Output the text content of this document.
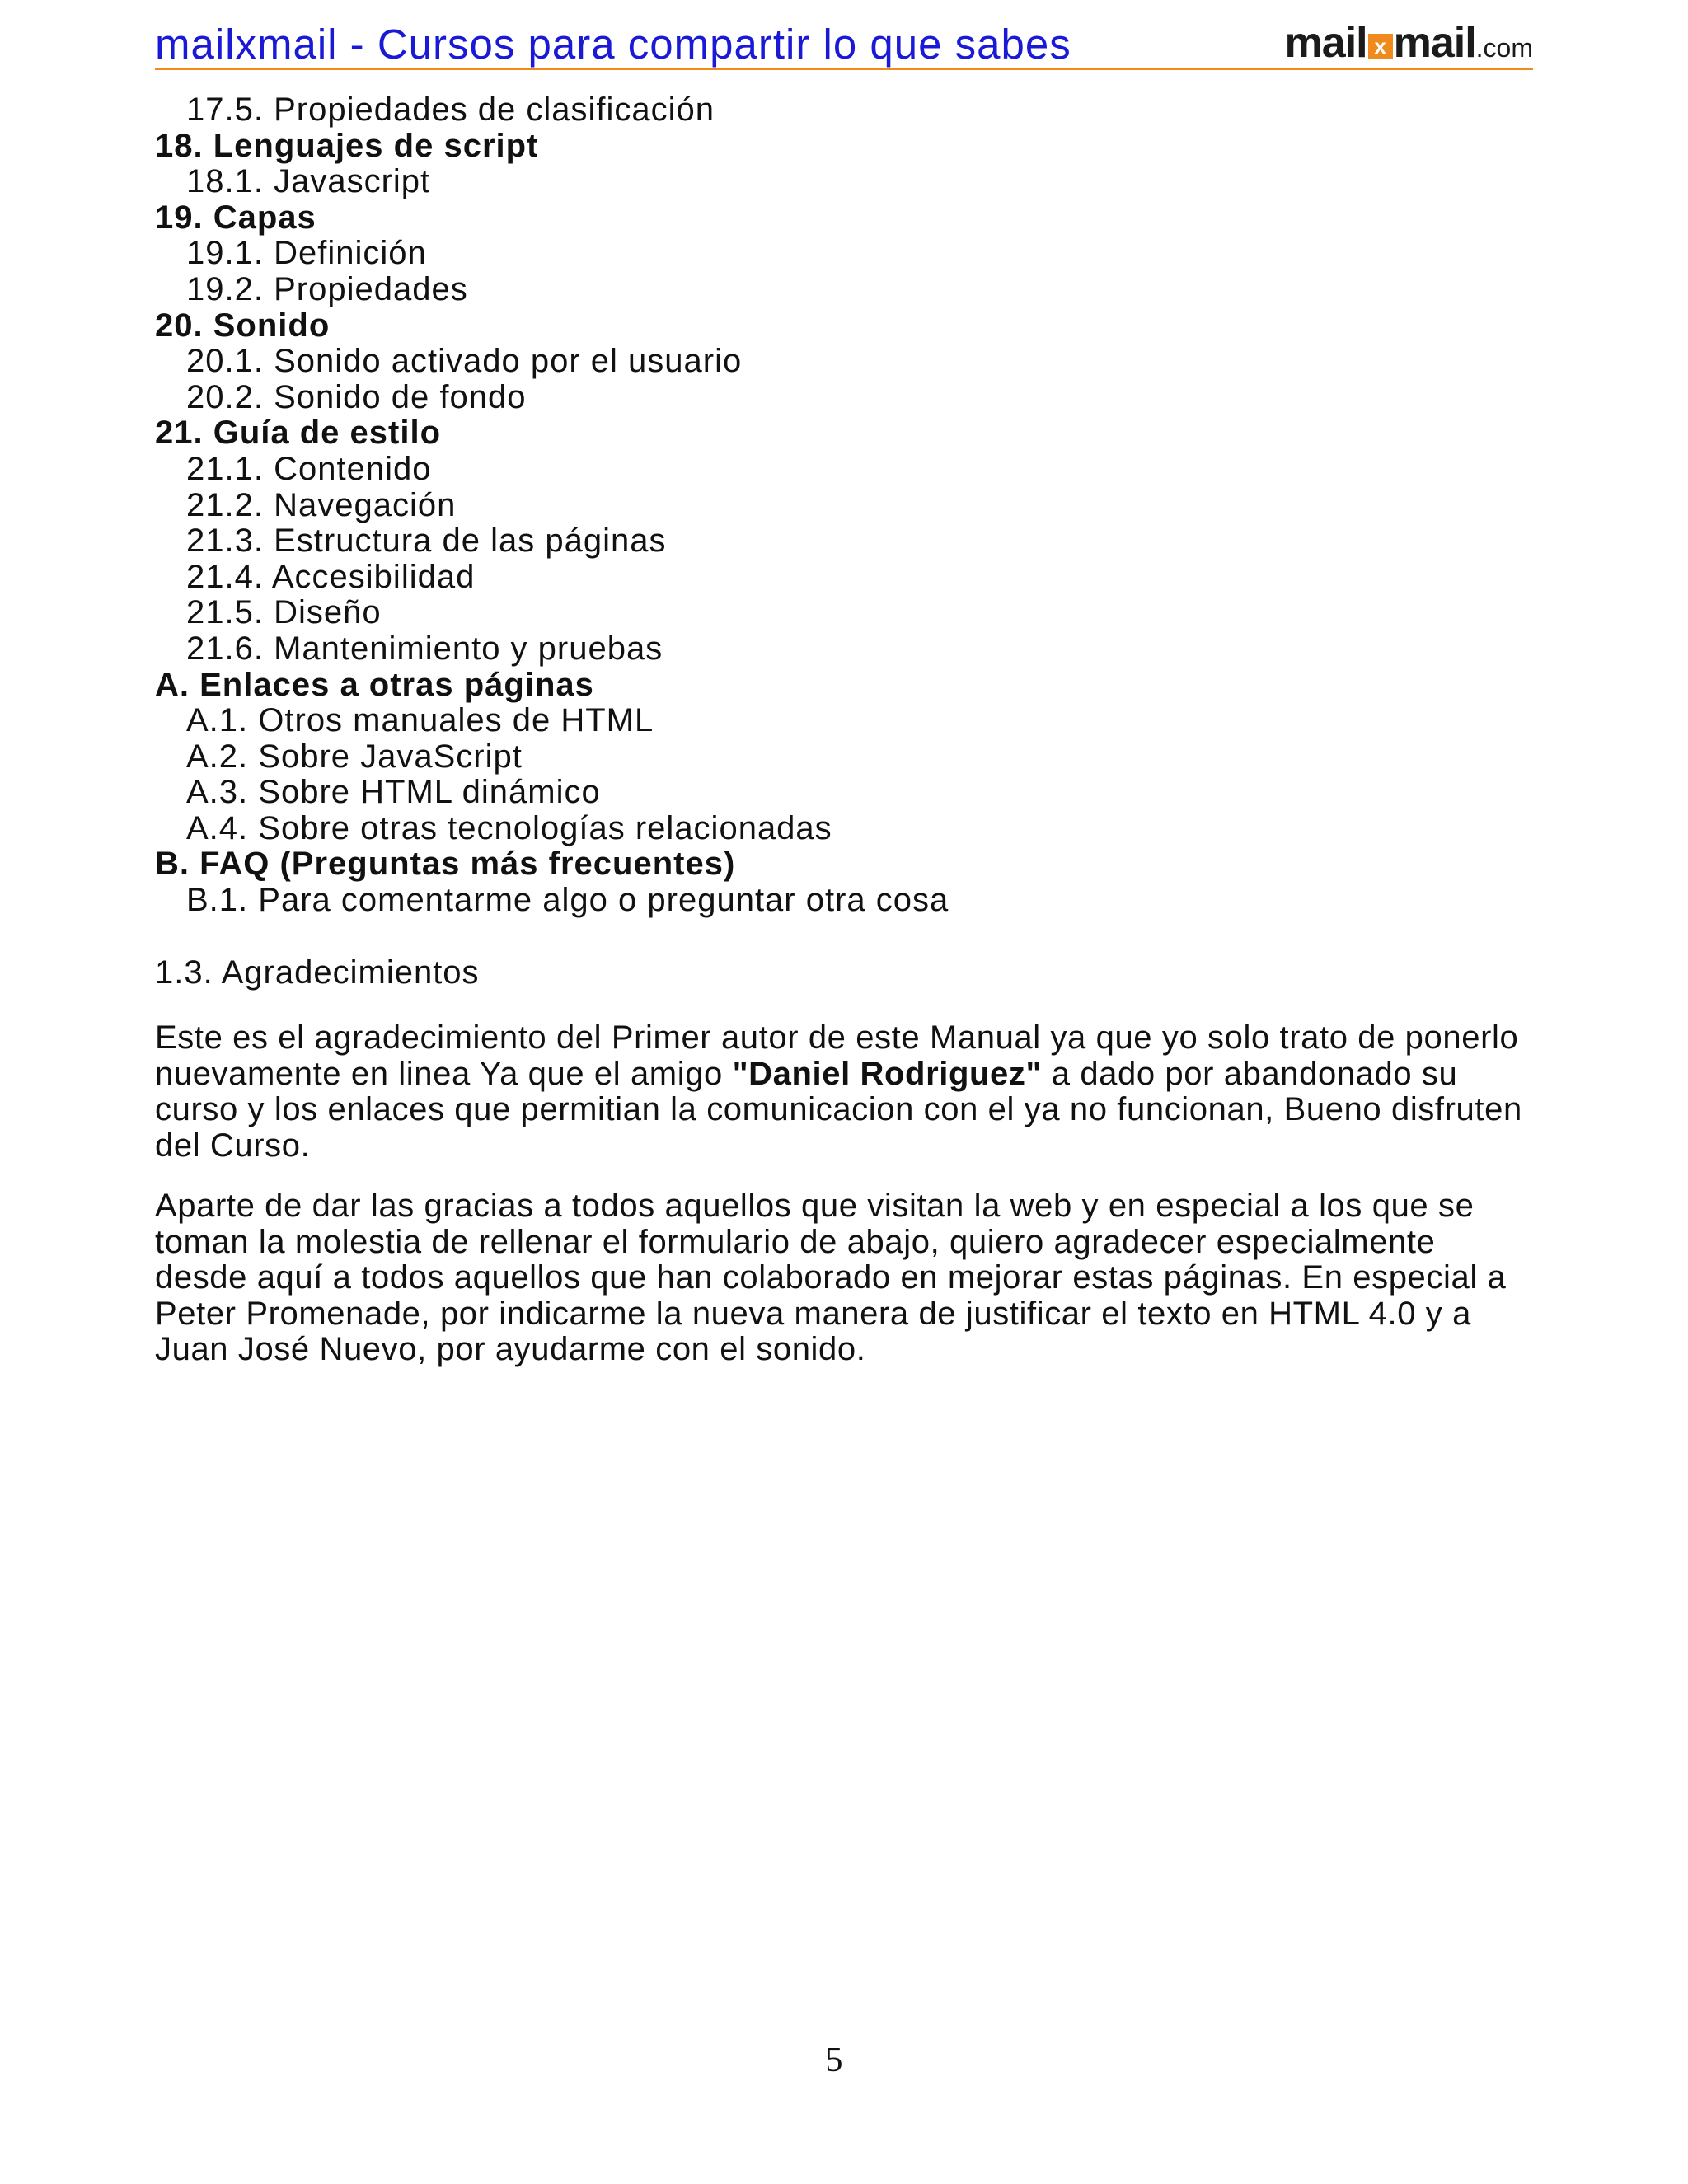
mailxmail - Cursos para compartir lo que sabes	mail x mail.com
17.5. Propiedades de clasificación
18. Lenguajes de script
18.1. Javascript
19. Capas
19.1. Definición
19.2. Propiedades
20. Sonido
20.1. Sonido activado por el usuario
20.2. Sonido de fondo
21. Guía de estilo
21.1. Contenido
21.2. Navegación
21.3. Estructura de las páginas
21.4. Accesibilidad
21.5. Diseño
21.6. Mantenimiento y pruebas
A. Enlaces a otras páginas
A.1. Otros manuales de HTML
A.2. Sobre JavaScript
A.3. Sobre HTML dinámico
A.4. Sobre otras tecnologías relacionadas
B. FAQ (Preguntas más frecuentes)
B.1. Para comentarme algo o preguntar otra cosa
1.3. Agradecimientos

Este es el agradecimiento del Primer autor de este Manual ya que yo solo trato de ponerlo nuevamente en linea Ya que el amigo "Daniel Rodriguez" a dado por abandonado su curso y los enlaces que permitian la comunicacion con el ya no funcionan, Bueno disfruten del Curso.

Aparte de dar las gracias a todos aquellos que visitan la web y en especial a los que se toman la molestia de rellenar el formulario de abajo, quiero agradecer especialmente desde aquí a todos aquellos que han colaborado en mejorar estas páginas. En especial a Peter Promenade, por indicarme la nueva manera de justificar el texto en HTML 4.0 y a Juan José Nuevo, por ayudarme con el sonido.

5
